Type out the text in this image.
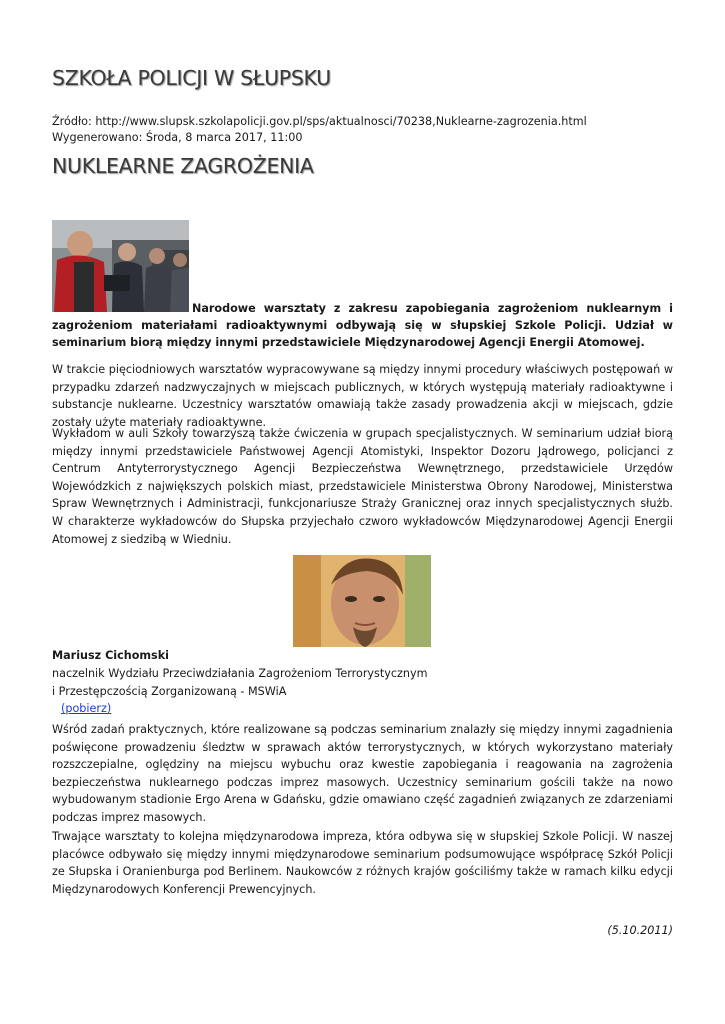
SZKOŁA POLICJI W SŁUPSKU
Źródło: http://www.slupsk.szkolapolicji.gov.pl/sps/aktualnosci/70238,Nuklearne-zagrozenia.html
Wygenerowano: Środa, 8 marca 2017, 11:00
NUKLEARNE ZAGROŻENIA
Narodowe warsztaty z zakresu zapobiegania zagrożeniom nuklearnym i zagrożeniom materiałami radioaktywnymi odbywają się w słupskiej Szkole Policji. Udział w seminarium biorą między innymi przedstawiciele Międzynarodowej Agencji Energii Atomowej.

W trakcie pięciodniowych warsztatów wypracowywane są między innymi procedury właściwych postępowań w przypadku zdarzeń nadzwyczajnych w miejscach publicznych, w których występują materiały radioaktywne i substancje nuklearne. Uczestnicy warsztatów omawiają także zasady prowadzenia akcji w miejscach, gdzie zostały użyte materiały radioaktywne.

Wykładom w auli Szkoły towarzyszą także ćwiczenia w grupach specjalistycznych. W seminarium udział biorą między innymi przedstawiciele Państwowej Agencji Atomistyki, Inspektor Dozoru Jądrowego, policjanci z Centrum Antyterrorystycznego Agencji Bezpieczeństwa Wewnętrznego, przedstawiciele Urzędów Wojewódzkich z największych polskich miast, przedstawiciele Ministerstwa Obrony Narodowej, Ministerstwa Spraw Wewnętrznych i Administracji, funkcjonariusze Straży Granicznej oraz innych specjalistycznych służb. W charakterze wykładowców do Słupska przyjechało czworo wykładowców Międzynarodowej Agencji Energii Atomowej z siedzibą w Wiedniu.

Mariusz Cichomski
naczelnik Wydziału Przeciwdziałania Zagrożeniom Terrorystycznym
i Przestępczością Zorganizowaną - MSWiA
(pobierz)

Wśród zadań praktycznych, które realizowane są podczas seminarium znalazły się między innymi zagadnienia poświęcone prowadzeniu śledztw w sprawach aktów terrorystycznych, w których wykorzystano materiały rozszczepialne, oględziny na miejscu wybuchu oraz kwestie zapobiegania i reagowania na zagrożenia bezpieczeństwa nuklearnego podczas imprez masowych. Uczestnicy seminarium gościli także na nowo wybudowanym stadionie Ergo Arena w Gdańsku, gdzie omawiano część zagadnień związanych ze zdarzeniami podczas imprez masowych.

Trwające warsztaty to kolejna międzynarodowa impreza, która odbywa się w słupskiej Szkole Policji. W naszej placówce odbywało się między innymi międzynarodowe seminarium podsumowujące współpracę Szkół Policji ze Słupska i Oranienburga pod Berlinem. Naukowców z różnych krajów gościliśmy także w ramach kilku edycji Międzynarodowych Konferencji Prewencyjnych.

(5.10.2011)
